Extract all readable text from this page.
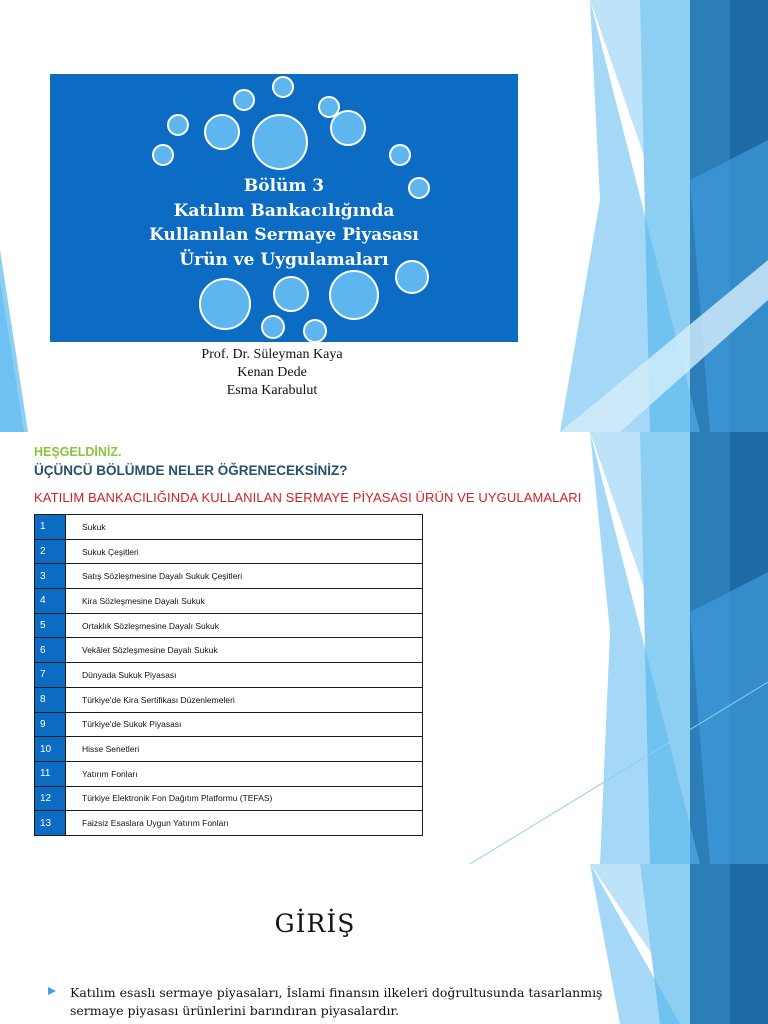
Bölüm 3
Katılım Bankacılığında
Kullanılan Sermaye Piyasası
Ürün ve Uygulamaları
Prof. Dr. Süleyman Kaya
Kenan Dede
Esma Karabulut
HEŞGELDİNİZ.
ÜÇÜNCÜ BÖLÜMDE NELER ÖĞRENECEKSİNİZ?
KATILIM BANKACILIĞINDA KULLANILAN SERMAYE PİYASASI ÜRÜN VE UYGULAMALARI
1	Sukuk
2	Sukuk Çeşitleri
3	Satış Sözleşmesine Dayalı Sukuk Çeşitleri
4	Kira Sözleşmesine Dayalı Sukuk
5	Ortaklık Sözleşmesine Dayalı Sukuk
6	Vekâlet Sözleşmesine Dayalı Sukuk
7	Dünyada Sukuk Piyasası
8	Türkiye'de Kira Sertifikası Düzenlemeleri
9	Türkiye'de Sukuk Piyasası
10	Hisse Senetleri
11	Yatırım Fonları
12	Türkiye Elektronik Fon Dağıtım Platformu (TEFAS)
13	Faizsiz Esaslara Uygun Yatırım Fonları
GİRİŞ
Katılım esaslı sermaye piyasaları, İslami finansın ilkeleri doğrultusunda tasarlanmış sermaye piyasası ürünlerini barındıran piyasalardır.
